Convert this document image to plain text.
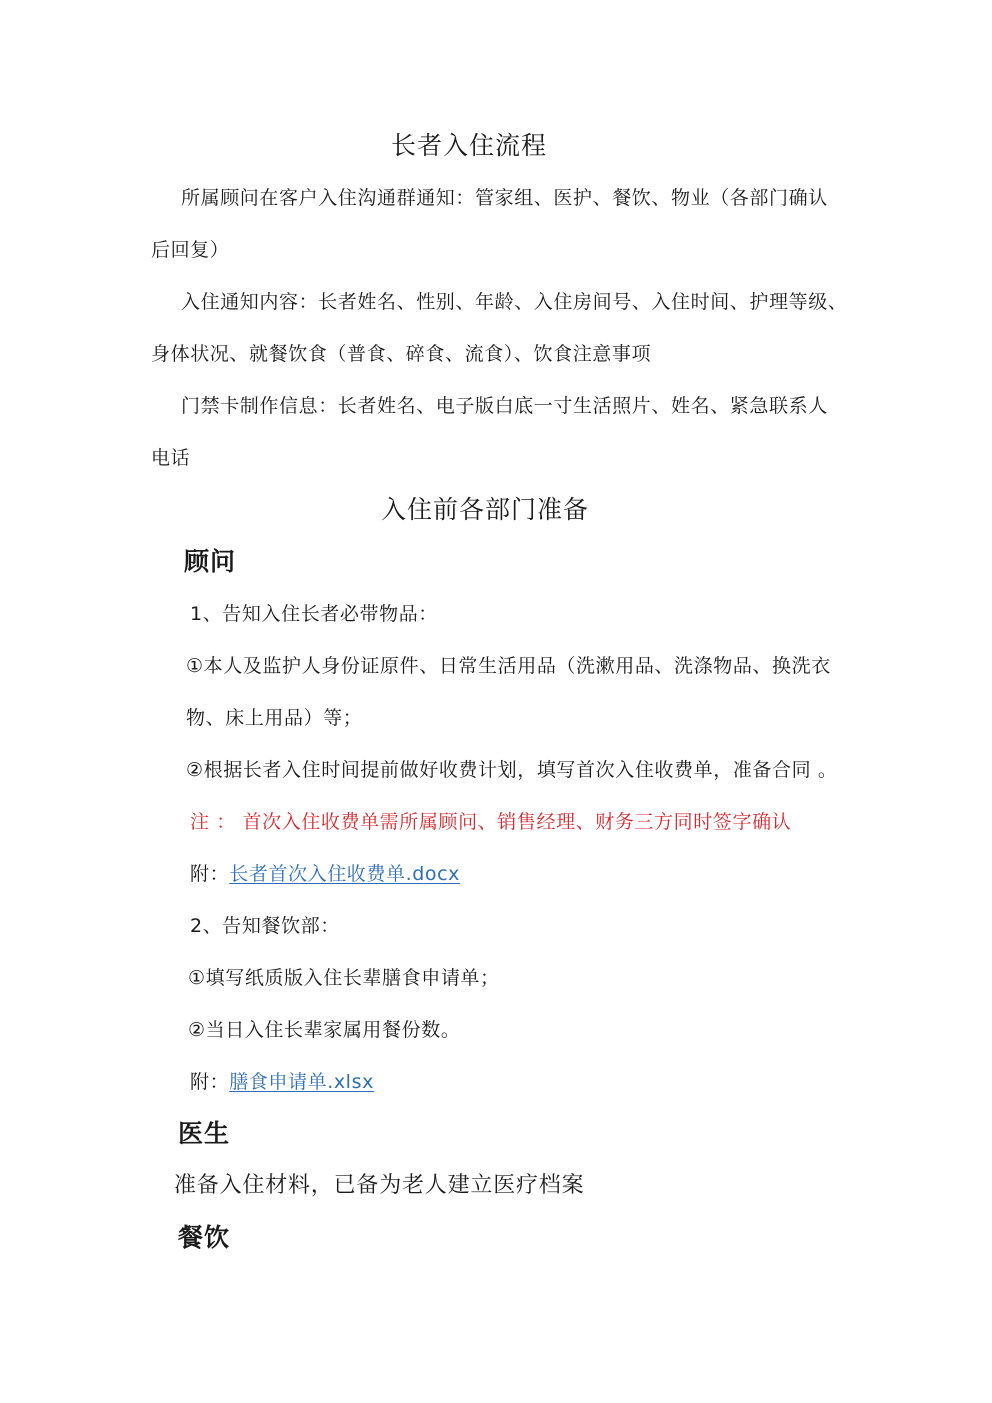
长者入住流程
所属顾问在客户入住沟通群通知：管家组、医护、餐饮、物业（各部门确认
后回复）
入住通知内容：长者姓名、性别、年龄、入住房间号、入住时间、护理等级、
身体状况、就餐饮食（普食、碎食、流食）、饮食注意事项
门禁卡制作信息：长者姓名、电子版白底一寸生活照片、姓名、紧急联系人
电话
入住前各部门准备
顾问
1、告知入住长者必带物品：
①本人及监护人身份证原件、日常生活用品（洗漱用品、洗涤物品、换洗衣
物、床上用品）等；
②根据长者入住时间提前做好收费计划，填写首次入住收费单，准备合同 。
注 ： 首次入住收费单需所属顾问、销售经理、财务三方同时签字确认
附：长者首次入住收费单.docx
2、告知餐饮部：
①填写纸质版入住长辈膳食申请单；
②当日入住长辈家属用餐份数。
附：膳食申请单.xlsx
医生
准备入住材料，已备为老人建立医疗档案
餐饮
